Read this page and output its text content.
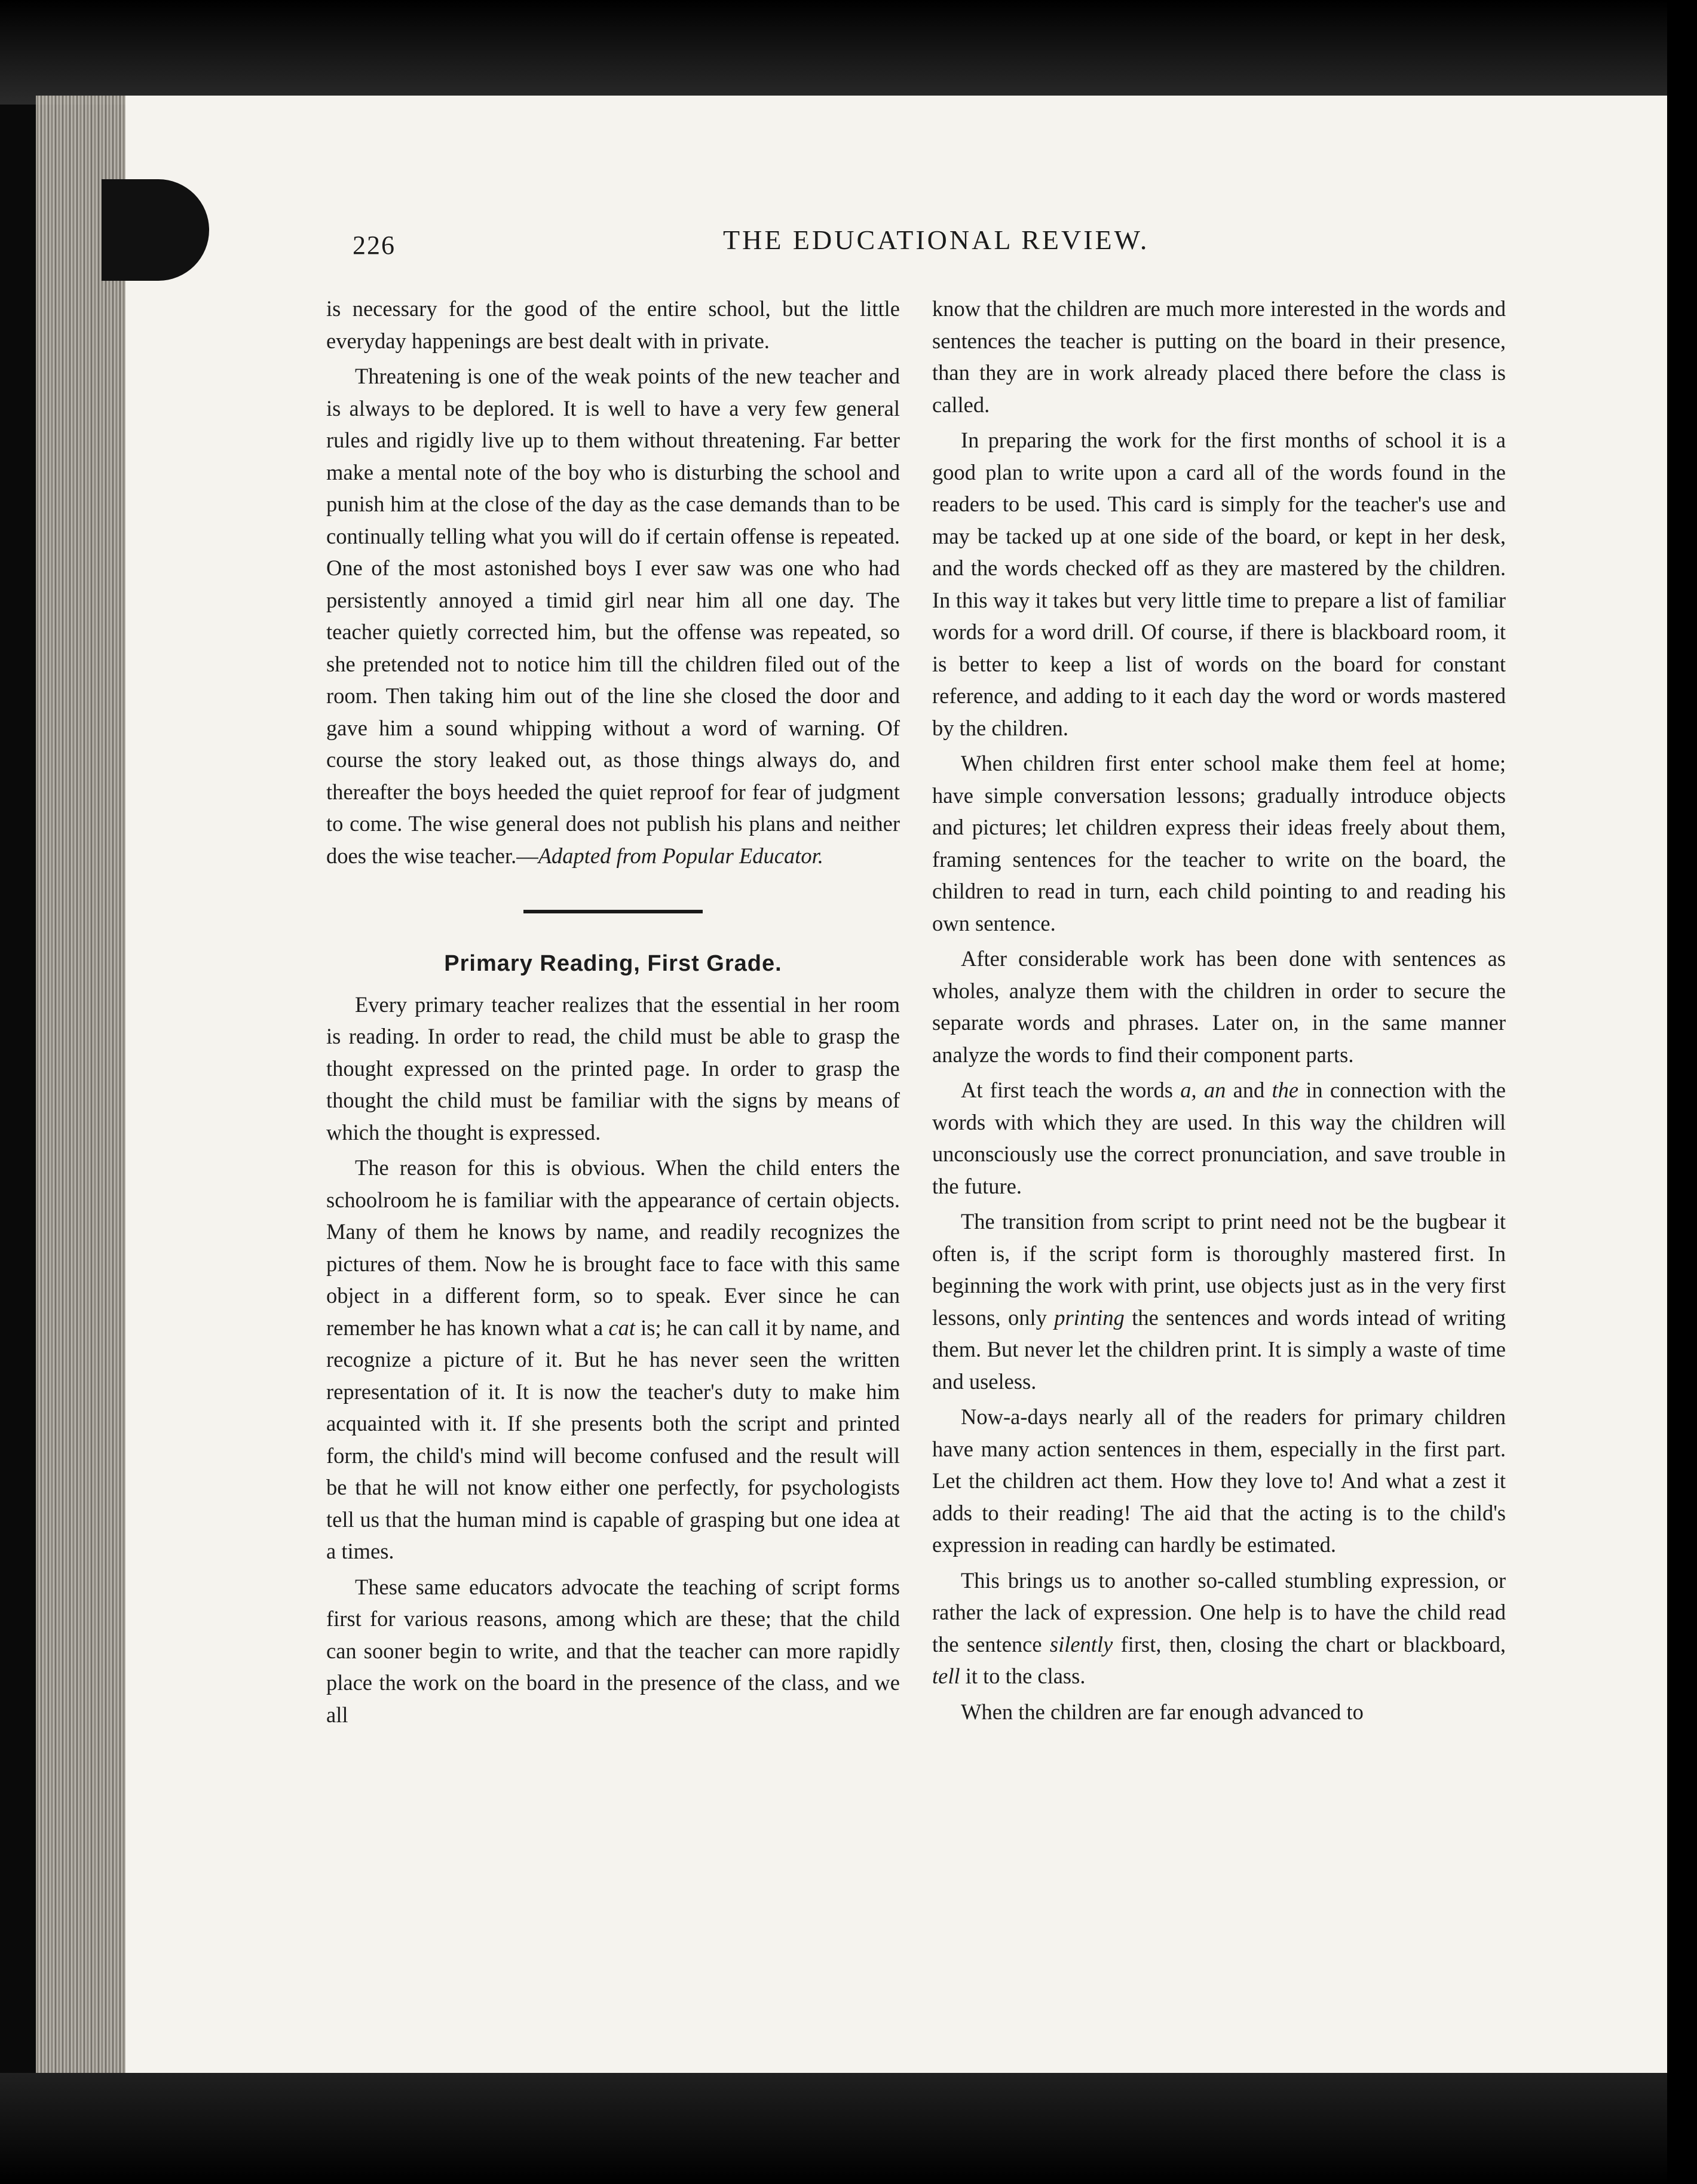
226	THE EDUCATIONAL REVIEW.

is necessary for the good of the entire school, but the little everyday happenings are best dealt with in private.

Threatening is one of the weak points of the new teacher and is always to be deplored. It is well to have a very few general rules and rigidly live up to them without threatening. Far better make a mental note of the boy who is disturbing the school and punish him at the close of the day as the case demands than to be continually telling what you will do if certain offense is repeated. One of the most astonished boys I ever saw was one who had persistently annoyed a timid girl near him all one day. The teacher quietly corrected him, but the offense was repeated, so she pretended not to notice him till the children filed out of the room. Then taking him out of the line she closed the door and gave him a sound whipping without a word of warning. Of course the story leaked out, as those things always do, and thereafter the boys heeded the quiet reproof for fear of judgment to come. The wise general does not publish his plans and neither does the wise teacher.—Adapted from Popular Educator.

Primary Reading, First Grade.

Every primary teacher realizes that the essential in her room is reading. In order to read, the child must be able to grasp the thought expressed on the printed page. In order to grasp the thought the child must be familiar with the signs by means of which the thought is expressed.

The reason for this is obvious. When the child enters the schoolroom he is familiar with the appearance of certain objects. Many of them he knows by name, and readily recognizes the pictures of them. Now he is brought face to face with this same object in a different form, so to speak. Ever since he can remember he has known what a cat is; he can call it by name, and recognize a picture of it. But he has never seen the written representation of it. It is now the teacher's duty to make him acquainted with it. If she presents both the script and printed form, the child's mind will become confused and the result will be that he will not know either one perfectly, for psychologists tell us that the human mind is capable of grasping but one idea at a times.

These same educators advocate the teaching of script forms first for various reasons, among which are these; that the child can sooner begin to write, and that the teacher can more rapidly place the work on the board in the presence of the class, and we all

know that the children are much more interested in the words and sentences the teacher is putting on the board in their presence, than they are in work already placed there before the class is called.

In preparing the work for the first months of school it is a good plan to write upon a card all of the words found in the readers to be used. This card is simply for the teacher's use and may be tacked up at one side of the board, or kept in her desk, and the words checked off as they are mastered by the children. In this way it takes but very little time to prepare a list of familiar words for a word drill. Of course, if there is blackboard room, it is better to keep a list of words on the board for constant reference, and adding to it each day the word or words mastered by the children.

When children first enter school make them feel at home; have simple conversation lessons; gradually introduce objects and pictures; let children express their ideas freely about them, framing sentences for the teacher to write on the board, the children to read in turn, each child pointing to and reading his own sentence.

After considerable work has been done with sentences as wholes, analyze them with the children in order to secure the separate words and phrases. Later on, in the same manner analyze the words to find their component parts.

At first teach the words a, an and the in connection with the words with which they are used. In this way the children will unconsciously use the correct pronunciation, and save trouble in the future.

The transition from script to print need not be the bugbear it often is, if the script form is thoroughly mastered first. In beginning the work with print, use objects just as in the very first lessons, only printing the sentences and words intead of writing them. But never let the children print. It is simply a waste of time and useless.

Now-a-days nearly all of the readers for primary children have many action sentences in them, especially in the first part. Let the children act them. How they love to! And what a zest it adds to their reading! The aid that the acting is to the child's expression in reading can hardly be estimated.

This brings us to another so-called stumbling expression, or rather the lack of expression. One help is to have the child read the sentence silently first, then, closing the chart or blackboard, tell it to the class.

When the children are far enough advanced to
